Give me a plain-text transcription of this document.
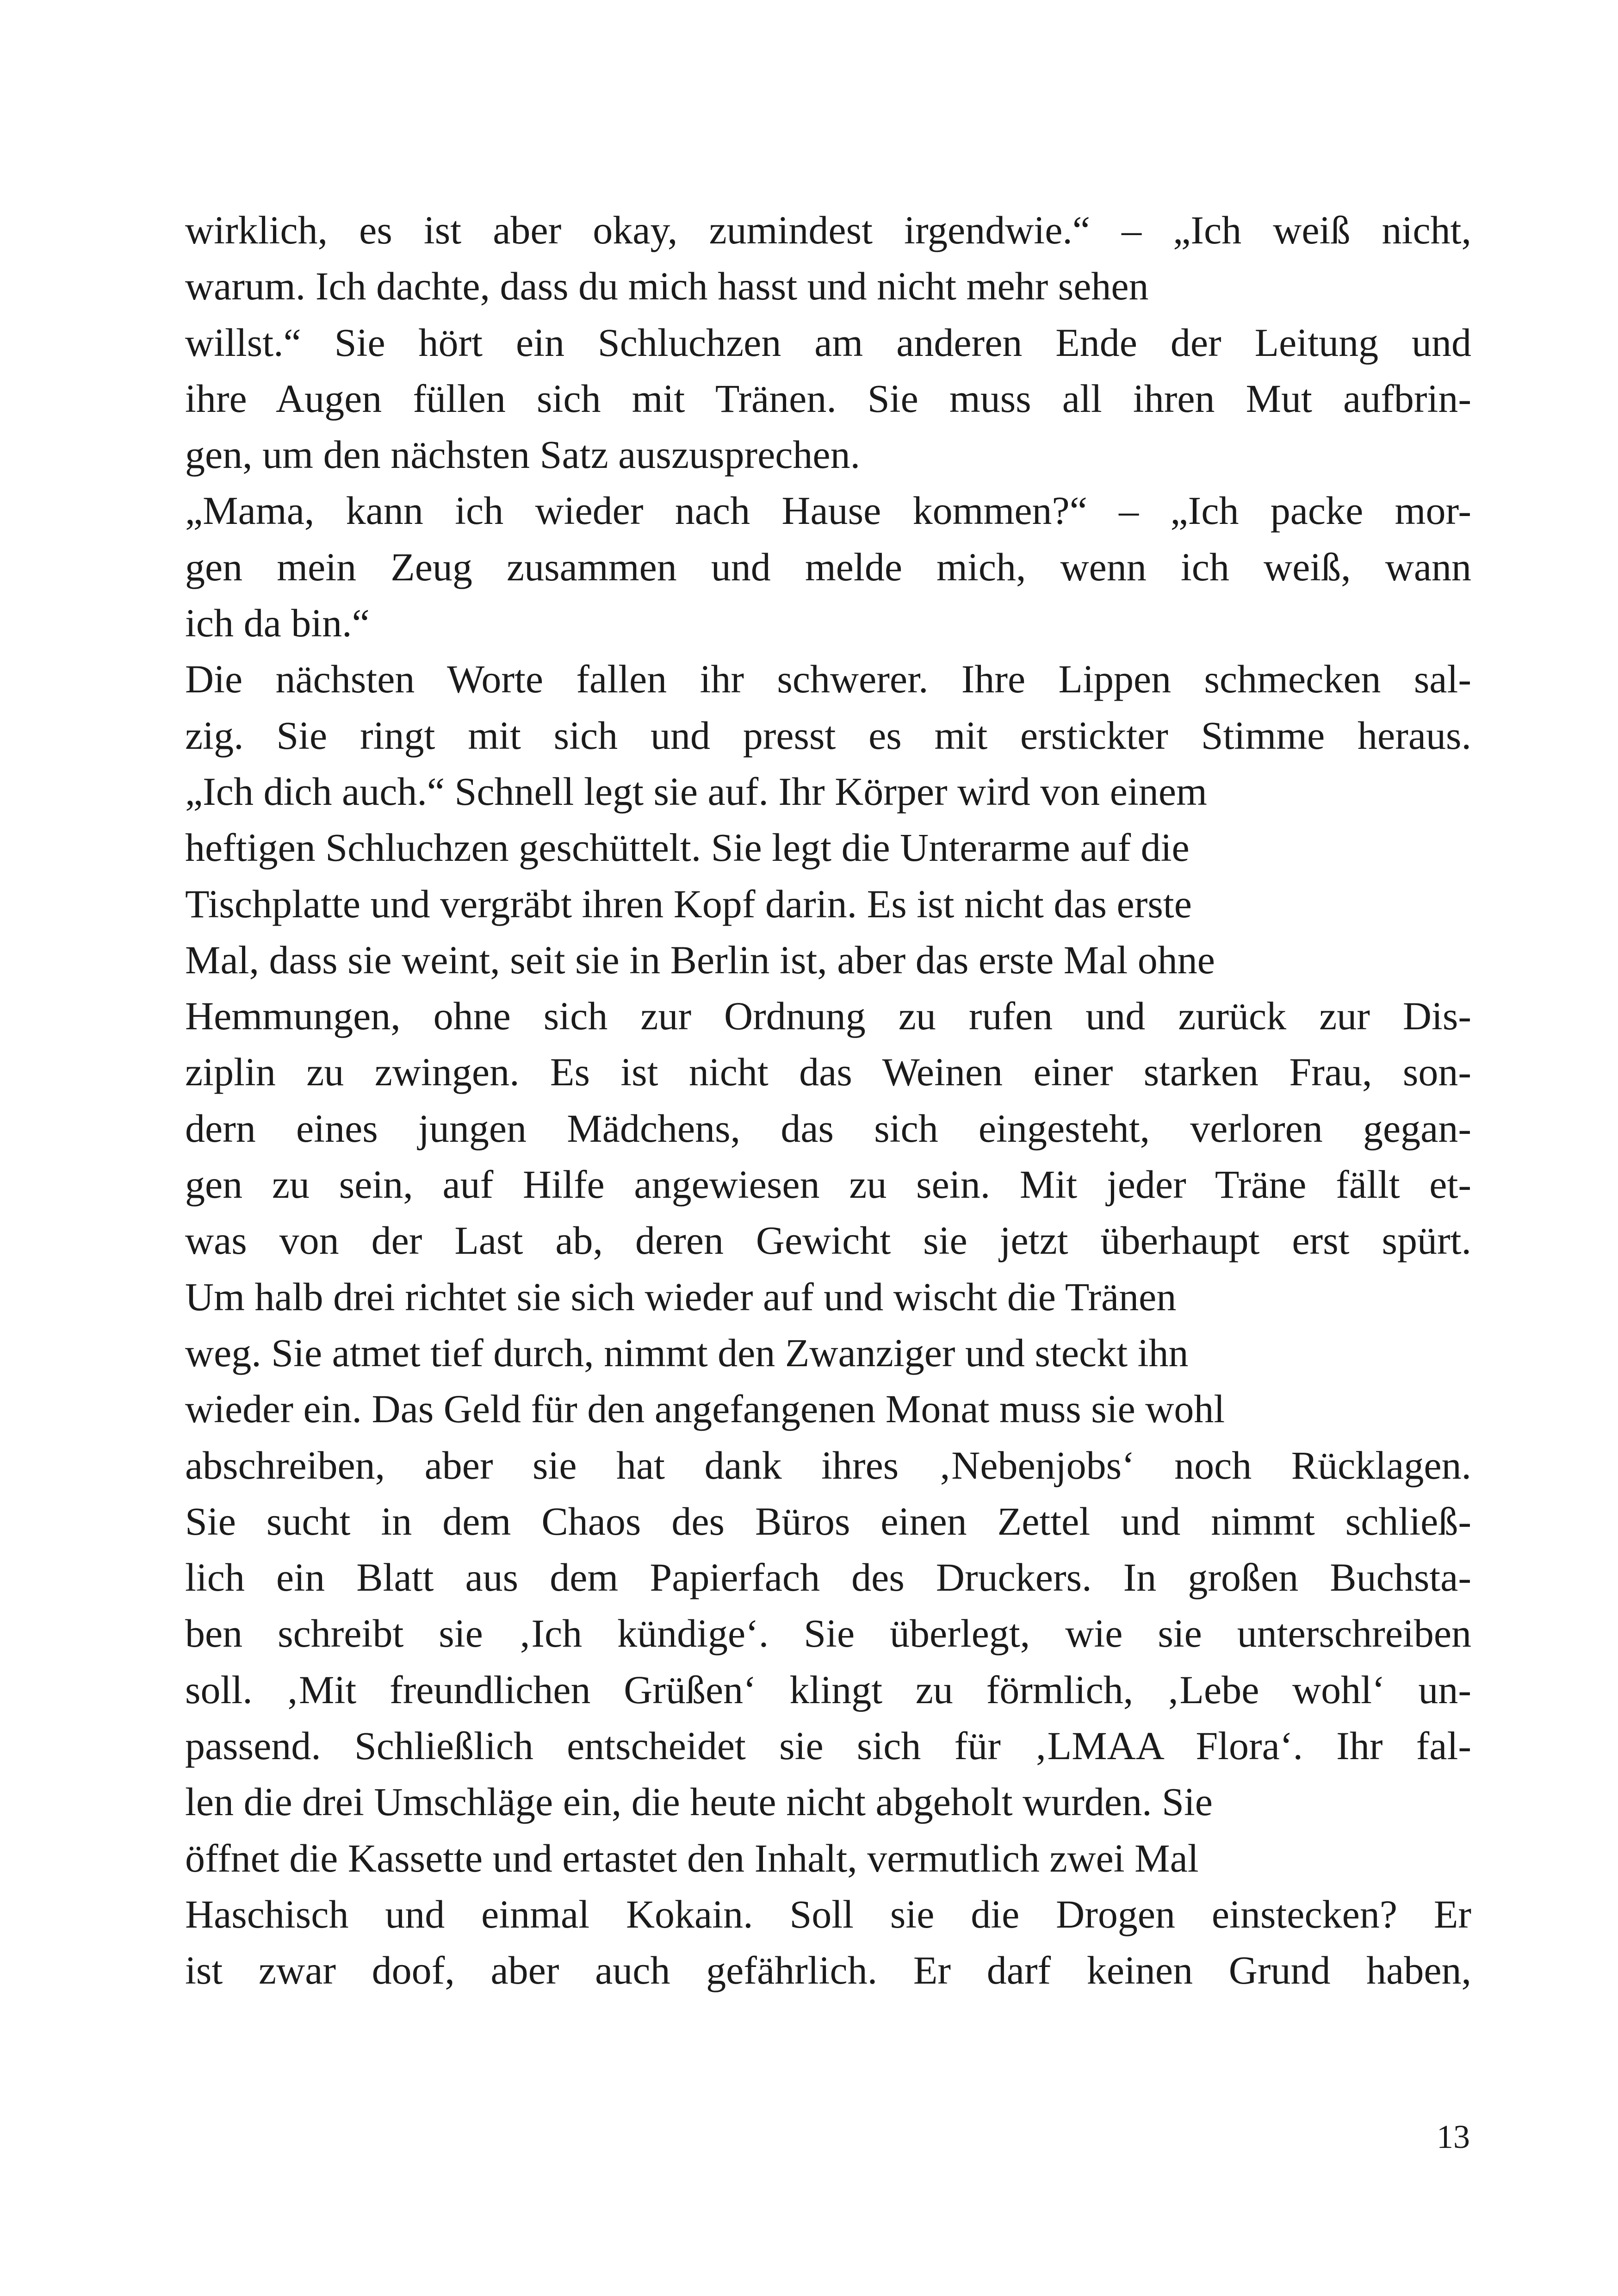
wirklich, es ist aber okay, zumindest irgendwie.“ – „Ich weiß nicht,
warum. Ich dachte, dass du mich hasst und nicht mehr sehen
willst.“ Sie hört ein Schluchzen am anderen Ende der Leitung und
ihre Augen füllen sich mit Tränen. Sie muss all ihren Mut aufbrin-
gen, um den nächsten Satz auszusprechen.
„Mama, kann ich wieder nach Hause kommen?“ – „Ich packe mor-
gen mein Zeug zusammen und melde mich, wenn ich weiß, wann
ich da bin.“
Die nächsten Worte fallen ihr schwerer. Ihre Lippen schmecken sal-
zig. Sie ringt mit sich und presst es mit erstickter Stimme heraus.
„Ich dich auch.“ Schnell legt sie auf. Ihr Körper wird von einem
heftigen Schluchzen geschüttelt. Sie legt die Unterarme auf die
Tischplatte und vergräbt ihren Kopf darin. Es ist nicht das erste
Mal, dass sie weint, seit sie in Berlin ist, aber das erste Mal ohne
Hemmungen, ohne sich zur Ordnung zu rufen und zurück zur Dis-
ziplin zu zwingen. Es ist nicht das Weinen einer starken Frau, son-
dern eines jungen Mädchens, das sich eingesteht, verloren gegan-
gen zu sein, auf Hilfe angewiesen zu sein. Mit jeder Träne fällt et-
was von der Last ab, deren Gewicht sie jetzt überhaupt erst spürt.
Um halb drei richtet sie sich wieder auf und wischt die Tränen
weg. Sie atmet tief durch, nimmt den Zwanziger und steckt ihn
wieder ein. Das Geld für den angefangenen Monat muss sie wohl
abschreiben, aber sie hat dank ihres ‚Nebenjobs‘ noch Rücklagen.
Sie sucht in dem Chaos des Büros einen Zettel und nimmt schließ-
lich ein Blatt aus dem Papierfach des Druckers. In großen Buchsta-
ben schreibt sie ‚Ich kündige‘. Sie überlegt, wie sie unterschreiben
soll. ‚Mit freundlichen Grüßen‘ klingt zu förmlich, ‚Lebe wohl‘ un-
passend. Schließlich entscheidet sie sich für ‚LMAA Flora‘. Ihr fal-
len die drei Umschläge ein, die heute nicht abgeholt wurden. Sie
öffnet die Kassette und ertastet den Inhalt, vermutlich zwei Mal
Haschisch und einmal Kokain. Soll sie die Drogen einstecken? Er
ist zwar doof, aber auch gefährlich. Er darf keinen Grund haben,
13
